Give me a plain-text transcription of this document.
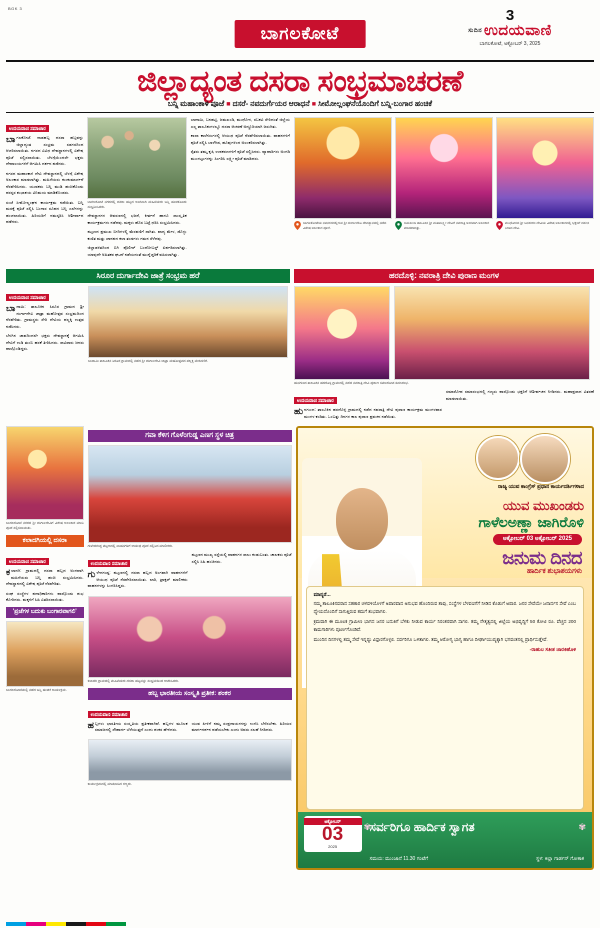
BGK 3
ಬಾಗಲಕೋಟೆ
3
ಸುದಿನ ಉದಯವಾಣಿ
ಬಾಗಲಕೋಟೆ, ಅಕ್ಟೋಬರ್ 3, 2025
ಜಿಲ್ಲಾದ್ಯಂತ ದಸರಾ ಸಂಭ್ರಮಾಚರಣೆ
ಬನ್ನಿ ಮಹಾಂಕಾಳಿ ಪೂಜೆ ■ ದಸರೆ- ನವದುರ್ಗೆಯರ ಆರಾಧನೆ ■ ಸೀಮೋಲ್ಲಂಘನೆಯೊಂದಿಗೆ ಬನ್ನಿ-ಬಂಗಾರ ಹಂಚಿಕೆ
ಉದಯವಾಣಿ ಸಮಾಚಾರ

ಬಾಗಲಕೋಟೆ: ನಾಡಹಬ್ಬ ದಸರಾ ಹಬ್ಬವನ್ನು ಜಿಲ್ಲಾದ್ಯಂತ ಸಂಭ್ರಮ ಸಡಗರದಿಂದ ಆಚರಿಸಲಾಯಿತು. ನಗರದ ವಿವಿಧ ದೇವಸ್ಥಾನಗಳಲ್ಲಿ ವಿಶೇಷ ಪೂಜೆ ಸಲ್ಲಿಸಲಾಯಿತು. ಬೆಳಗ್ಗೆಯಿಂದಲೇ ಭಕ್ತರು ದೇವಾಲಯಗಳಿಗೆ ಆಗಮಿಸಿ ದರ್ಶನ ಪಡೆದರು.

ನಗರದ ಮಹಾಂಕಾಳಿ ದೇವಿ ದೇವಸ್ಥಾನದಲ್ಲಿ ಬೆಳಗ್ಗೆ ವಿಶೇಷ ಅಲಂಕಾರ ಮಾಡಲಾಗಿತ್ತು. ಮಹಿಳೆಯರು ಕುಂಕುಮಾರ್ಚನೆ ನೆರವೇರಿಸಿದರು. ಯುವಕರು ಬನ್ನಿ ಮುಡಿ ಹಂಚಿಕೊಂಡು ಪರಸ್ಪರ ಶುಭಾಶಯ ವಿನಿಮಯ ಮಾಡಿಕೊಂಡರು.

ಸಂಜೆ ಸೀಮೋಲ್ಲಂಘನ ಕಾರ್ಯಕ್ರಮ ನಡೆಯಿತು. ಬನ್ನಿ ಮರಕ್ಕೆ ಪೂಜೆ ಸಲ್ಲಿಸಿ ಬಂಗಾರ ರೂಪದ ಬನ್ನಿ ಎಲೆಗಳನ್ನು ಹಂಚಲಾಯಿತು. ಹಿರಿಯರಿಗೆ ನಮಸ್ಕರಿಸಿ ಆಶೀರ್ವಾದ ಪಡೆದರು.

ಬಾಗಲಕೋಟೆ ನಗರದಲ್ಲಿ ದಸರಾ ಹಬ್ಬದ ಅಂಗವಾಗಿ ಮಹಿಳೆಯರು ಬನ್ನಿ ಹಂಚಿಕೊಂಡು ಸಂಭ್ರಮಿಸಿದರು.

ದೇವಸ್ಥಾನಗಳ ಆವರಣದಲ್ಲಿ ಭಜನೆ, ಕೀರ್ತನೆ ಹಾಗೂ ಸಾಂಸ್ಕೃತಿಕ ಕಾರ್ಯಕ್ರಮಗಳು ನಡೆದವು. ಮಕ್ಕಳು ಹೊಸ ಬಟ್ಟೆ ಧರಿಸಿ ಸಂಭ್ರಮಿಸಿದರು.

ಪಟ್ಟಣದ ಪ್ರಮುಖ ಬೀದಿಗಳಲ್ಲಿ ಮೆರವಣಿಗೆ ಸಾಗಿತು. ವಾದ್ಯ ಮೇಳ, ಡೊಳ್ಳು ಕುಣಿತ ಮತ್ತು ಜಾನಪದ ಕಲಾ ತಂಡಗಳು ಗಮನ ಸೆಳೆದವು.

ಜಿಲ್ಲಾಡಳಿತದಿಂದ ಬಿಗಿ ಪೊಲೀಸ್ ಬಂದೋಬಸ್ತ್ ಏರ್ಪಡಿಸಲಾಗಿತ್ತು. ಯಾವುದೇ ಅಹಿತಕರ ಘಟನೆ ನಡೆಯದಂತೆ ಮುನ್ನೆಚ್ಚರಿಕೆ ವಹಿಸಲಾಗಿತ್ತು.

ಬಾದಾಮಿ, ಬನಹಟ್ಟಿ, ಜಮಖಂಡಿ, ಮುಧೋಳ, ರಬಕವಿ ಸೇರಿದಂತೆ ಜಿಲ್ಲೆಯ ಎಲ್ಲ ತಾಲೂಕುಗಳಲ್ಲೂ ದಸರಾ ಆಚರಣೆ ಅದ್ಧೂರಿಯಾಗಿ ಜರುಗಿತು.

ಶಾಲಾ ಕಾಲೇಜುಗಳಲ್ಲಿ ಆಯುಧ ಪೂಜೆ ನೆರವೇರಿಸಲಾಯಿತು. ವಾಹನಗಳಿಗೆ ಪೂಜೆ ಸಲ್ಲಿಸಿ ಬಾಳೆಗಿಡ, ಹೂವುಗಳಿಂದ ಅಲಂಕರಿಸಲಾಗಿತ್ತು.

ರೈತರು ತಮ್ಮ ಕೃಷಿ ಉಪಕರಣಗಳಿಗೆ ಪೂಜೆ ಸಲ್ಲಿಸಿದರು. ವ್ಯಾಪಾರಿಗಳು ಅಂಗಡಿ ಮುಂಗಟ್ಟುಗಳನ್ನು ಸಿಂಗರಿಸಿ ಲಕ್ಷ್ಮೀ ಪೂಜೆ ಮಾಡಿದರು.

ಬಾಗಲಕೋಟೆಯ ನವನಗರದಲ್ಲಿರುವ ಶ್ರೀ ದುರ್ಗಾದೇವಿ ದೇವಸ್ಥಾನದಲ್ಲಿ ನಡೆದ ವಿಶೇಷ ಅಲಂಕಾರ ಪೂಜೆ.
ಜಮಖಂಡಿ ತಾಲೂಕಿನ ಶ್ರೀ ಮಹಾಲಕ್ಷ್ಮೀ ದೇವಿಗೆ ನವರಾತ್ರಿ ಅಂಗವಾಗಿ ಅಲಂಕಾರ ಮಾಡಲಾಗಿತ್ತು.
ಮುಧೋಳದ ಶ್ರೀ ಬನಶಂಕರಿ ದೇವಿಯ ವಿಶೇಷ ಅಲಂಕಾರದಲ್ಲಿ ಭಕ್ತರಿಗೆ ದರ್ಶನ ನೀಡಿದ ದೇವಿ.
ಸಿರೂರ ದುರ್ಗಾದೇವಿ ಜಾತ್ರೆ ಸಂಭ್ರಮ ಹರೆ
ಉದಯವಾಣಿ ಸಮಾಚಾರ

ಬಾದಾಮಿ: ತಾಲೂಕಿನ ಸಿರೂರ ಗ್ರಾಮದ ಶ್ರೀ ದುರ್ಗಾದೇವಿ ಜಾತ್ರಾ ಮಹೋತ್ಸವ ಸಂಭ್ರಮದಿಂದ ನೆರವೇರಿತು. ಗ್ರಾಮಸ್ಥರು ಸೇರಿ ದೇವಿಯ ಪಲ್ಲಕ್ಕಿ ಉತ್ಸವ ನಡೆಸಿದರು.

ಬೆಳಗಿನ ಜಾವದಿಂದಲೇ ಭಕ್ತರು ದೇವಸ್ಥಾನಕ್ಕೆ ಆಗಮಿಸಿ ದೇವಿಗೆ ಉಡಿ ತುಂಬಿ ಹರಕೆ ತೀರಿಸಿದರು. ಸಾವಿರಾರು ಜನರು ಪಾಲ್ಗೊಂಡಿದ್ದರು.

ಬಾದಾಮಿ ತಾಲೂಕಿನ ಸಿರೂರ ಗ್ರಾಮದಲ್ಲಿ ನಡೆದ ಶ್ರೀ ದುರ್ಗಾದೇವಿ ಜಾತ್ರಾ ಮಹೋತ್ಸವದ ಪಲ್ಲಕ್ಕಿ ಮೆರವಣಿಗೆ.
ಹರದೊಳ್ಳಿ: ನವರಾತ್ರಿ ದೇವಿ ಪುರಾಣ ಮಂಗಳ
ಹುನಗುಂದ ತಾಲೂಕಿನ ಹರದೊಳ್ಳಿ ಗ್ರಾಮದಲ್ಲಿ ನಡೆದ ನವರಾತ್ರಿ ದೇವಿ ಪುರಾಣ ಸಮಾರೋಪ ಸಮಾರಂಭ.
ಉದಯವಾಣಿ ಸಮಾಚಾರ

ಹುನಗುಂದ: ತಾಲೂಕಿನ ಹರದೊಳ್ಳಿ ಗ್ರಾಮದಲ್ಲಿ ನಡೆದ ನವರಾತ್ರಿ ದೇವಿ ಪುರಾಣ ಕಾರ್ಯಕ್ರಮ ಮಂಗಳವಾರ ಮಂಗಳ ಕಂಡಿತು. ಒಂಬತ್ತು ದಿನಗಳ ಕಾಲ ಪುರಾಣ ಪ್ರವಚನ ನಡೆಯಿತು.

ಸಮಾರೋಪ ಸಮಾರಂಭದಲ್ಲಿ ಗಣ್ಯರು ಪಾಲ್ಗೊಂಡು ಭಕ್ತರಿಗೆ ಆಶೀರ್ವಚನ ನೀಡಿದರು. ಮಹಾಪ್ರಸಾದ ವಿತರಣೆ ಮಾಡಲಾಯಿತು.

ಬಾಗಲಕೋಟೆ ನಗರದ ಶ್ರೀ ದುರ್ಗಾದೇವಿಗೆ ವಿಶೇಷ ಅಲಂಕಾರ ಮಾಡಿ ಪೂಜೆ ಸಲ್ಲಿಸಲಾಯಿತು.
ಕಲಾದಗಿಯಲ್ಲಿ ದಸರಾ
ಉದಯವಾಣಿ ಸಮಾಚಾರ

ಕಲಾದಗಿ: ಗ್ರಾಮದಲ್ಲಿ ದಸರಾ ಹಬ್ಬದ ಅಂಗವಾಗಿ ಮಹಿಳೆಯರು ಬನ್ನಿ ಹಂಚಿ ಸಂಭ್ರಮಿಸಿದರು. ದೇವಸ್ಥಾನದಲ್ಲಿ ವಿಶೇಷ ಪೂಜೆ ನೆರವೇರಿತು.

ಸಂಘ ಸಂಸ್ಥೆಗಳ ಪದಾಧಿಕಾರಿಗಳು ಪಾಲ್ಗೊಂಡು ಶುಭ ಕೋರಿದರು. ಮಕ್ಕಳಿಗೆ ಸಿಹಿ ವಿತರಿಸಲಾಯಿತು.

'ಪ್ರಜೆಗಳ ಬದುಕು ಬಂಗಾರವಾಗಲಿ'
ಬಾಗಲಕೋಟೆಯಲ್ಲಿ ನಡೆದ ಬನ್ನಿ ಹಂಚಿಕೆ ಕಾರ್ಯಕ್ರಮ.
ಗವಾ ಕೆಳಿಗ ಗೊಳೆಂಗುಡ್ಡ ಎಣಗ ಸ್ಥಳ ಚಿತ್ರ
ಗುಳೇದಗುಡ್ಡ ಪಟ್ಟಣದಲ್ಲಿ ವಾಹನಗಳಿಗೆ ಆಯುಧ ಪೂಜೆ ಸಲ್ಲಿಸಿದ ಮಾಲೀಕರು.
ಉದಯವಾಣಿ ಸಮಾಚಾರ

ಗುಳೇದಗುಡ್ಡ: ಪಟ್ಟಣದಲ್ಲಿ ದಸರಾ ಹಬ್ಬದ ಅಂಗವಾಗಿ ವಾಹನಗಳಿಗೆ ಆಯುಧ ಪೂಜೆ ನೆರವೇರಿಸಲಾಯಿತು. ಲಾರಿ, ಟ್ರಾಕ್ಟರ್ ಮಾಲೀಕರು ವಾಹನಗಳನ್ನು ಸಿಂಗರಿಸಿದ್ದರು.

ಪಟ್ಟಣದ ಮುಖ್ಯ ರಸ್ತೆಯಲ್ಲಿ ವಾಹನಗಳ ಸಾಲು ಕಂಡುಬಂತು. ಚಾಲಕರು ಪೂಜೆ ಸಲ್ಲಿಸಿ ಸಿಹಿ ಹಂಚಿದರು.

ಕಲಾದಗಿ ಗ್ರಾಮದಲ್ಲಿ ಮಹಿಳೆಯರು ದಸರಾ ಹಬ್ಬವನ್ನು ಸಂಭ್ರಮದಿಂದ ಆಚರಿಸಿದರು.
ಹಬ್ಬ ಭಾರತೀಯ ಸಂಸ್ಕೃತಿ ಪ್ರತೀಕ: ಶಂಕರ
ಉದಯವಾಣಿ ಸಮಾಚಾರ

ಹಬ್ಬಗಳು ಭಾರತೀಯ ಸಂಸ್ಕೃತಿಯ ಪ್ರತೀಕವಾಗಿವೆ. ಹಬ್ಬಗಳ ಮೂಲಕ ಸಮಾಜದಲ್ಲಿ ಸೌಹಾರ್ದ ಬೆಳೆಯುತ್ತದೆ ಎಂದು ಶಂಕರ ಹೇಳಿದರು.

ಯುವ ಪೀಳಿಗೆ ನಮ್ಮ ಸಂಪ್ರದಾಯಗಳನ್ನು ಉಳಿಸಿ ಬೆಳೆಸಬೇಕು. ಹಿರಿಯರ ಮಾರ್ಗದರ್ಶನ ಪಡೆಯಬೇಕು ಎಂದು ಅವರು ಸಲಹೆ ನೀಡಿದರು.

ಕಾರ್ಯಕ್ರಮದಲ್ಲಿ ಮಾತನಾಡಿದ ಗಣ್ಯರು.
ರಾಜ್ಯ ಯುವ ಕಾಂಗ್ರೆಸ್ ಪ್ರಧಾನ ಕಾರ್ಯದರ್ಶಿಗಳಾದ
ಯುವ ಮುಖಂಡರು
ಗಾಳೆಲಅಣ್ಣಾ ಜಾಗಿರೊಳಿ
ಅಕ್ಟೋಬರ್ 03 ಅಕ್ಟೋಬರ್ 2025
ಜನುಮ ದಿನದ
ಹಾರ್ದಿಕ ಶುಭಾಶಯಗಳು
ಮಾನ್ಯರೆ...

ನಮ್ಮ ತಾಲೂಕಿನವರಾದ ಸಹಕಾರ ಚಳವಳಿಯೊಳಗೆ ಅಪಾರವಾದ ಅನುಭವ ಹೊಂದಿರುವ ತಾವು, ಸಂಸ್ಥೆಗಳ ಬೆಳವಣಿಗೆಗೆ ನೀಡಿದ ಕೊಡುಗೆ ಅಪಾರ. ಜನರ ಸೇವೆಯೇ ಜನಾರ್ದನ ಸೇವೆ ಎಂಬ ಧ್ಯೇಯದೊಂದಿಗೆ ಸಾಗುತ್ತಿರುವ ತಮಗೆ ಶುಭವಾಗಲಿ.

ಕ್ರಮವಾಗಿ ಈ ಮೂಲಕ ಗ್ರಾಮೀಣ ಭಾಗದ ಜನರ ಬದುಕಿಗೆ ಬೆಳಕು ನೀಡುವ ಕಾರ್ಯ ನಿರಂತರವಾಗಿ ಸಾಗಲಿ. ತಮ್ಮ ನೇತೃತ್ವದಲ್ಲಿ ಜಿಲ್ಲೆಯ ಅಭಿವೃದ್ಧಿಗೆ 50 ಕೋಟಿ ರೂ. ವೆಚ್ಚದ 200 ಕಾಮಗಾರಿಗಳು ಪೂರ್ಣಗೊಂಡಿವೆ.

ಮುಂದಿನ ದಿನಗಳಲ್ಲಿ ತಮ್ಮ ಸೇವೆ ಇನ್ನಷ್ಟು ವಿಸ್ತಾರಗೊಳ್ಳಲಿ. ಸರ್ವರಿಗೂ ಒಳಿತಾಗಲಿ. ತಮ್ಮ ಆರೋಗ್ಯ ಭಾಗ್ಯ ಹಾಗೂ ದೀರ್ಘಾಯುಷ್ಯಕ್ಕಾಗಿ ಭಗವಂತನಲ್ಲಿ ಪ್ರಾರ್ಥಿಸುತ್ತೇವೆ.

-ರಾಹುಲ ಸತೀಶ ಜಾರಕಿಹೊಳಿ
ಅಕ್ಟೋಬರ್
03
2025
✾	✾
ಸರ್ವರಿಗೂ ಹಾರ್ದಿಕ ಸ್ವಾಗತ
ಸಮಯ: ಮುಂಜಾನೆ 11.30 ಗಂಟೆಗೆ	ಸ್ಥಳ: ಕಿಲ್ಲಾ ಗಾರ್ಡನ್ ಗೋಕಾಕ
